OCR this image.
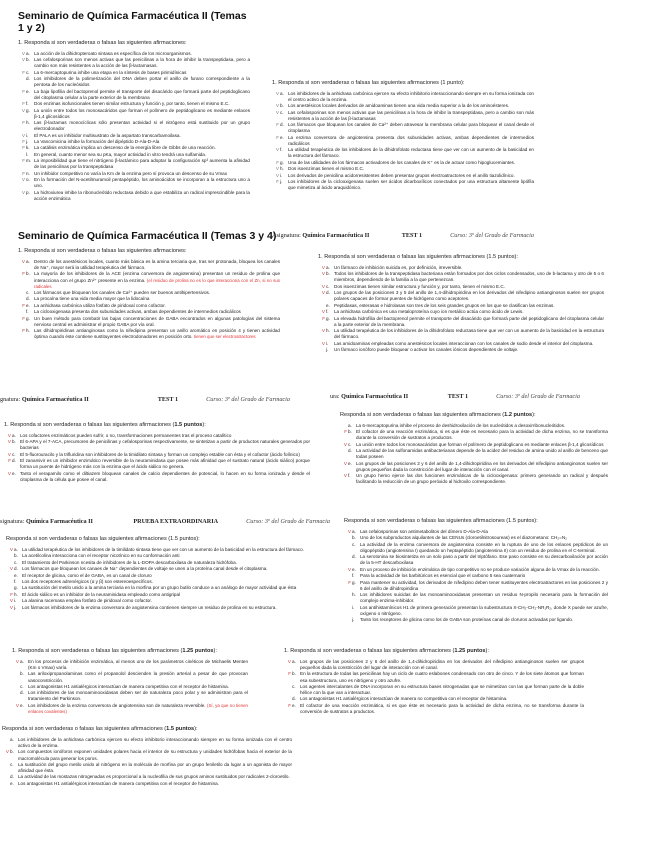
Seminario de Química Farmacéutica II (Temas 1 y 2)
1. Responda si son verdaderas o falsas las siguientes afirmaciones:
V a. La acción de la dihidropteroato sintasa es específica de los microorganismos.
V b. Las cefalosporinas son menos activas que las penicilinas a la hora de inhibir la transpeptidasa, pero a cambio son más resistentes a la acción de las β-lactamasas.
F c. La 6-mercaptopurina inhibe una etapa en la síntesis de bases pirimidínicas
d. Los inhibidores de la polimerización del DNA deben portar el anillo de furano correspondiente a la pentosa de los nucleósidos
F e. La baja lipofilia del bactoprenol permite el transporte del disacárido que formará parte del peptidoglicano del citoplasma celular a la parte exterior de la membrana
F f.	Dos enzimas isofuncionales tienen similar estructura y función y, por tanto, tienen el mismo E.C.
V g. La unión entre todos los monosacáridos que forman el polímero de peptidoglicano es mediante enlaces β-1,4 glicosídicos
F h. Las β-lactamas monocíclicas sólo presentan actividad si el nitrógeno está sustituido por un grupo electrodonador
V i.	El PALA es un inhibidor multisustrato de la aspartato transcarbamoilasa.
F j.	La Vancomicina inhibe la formación del dipéptido D-Ala-D-Ala
F k. La catálisis enzimática implica un descenso de la energía libre de Gibbs de una reacción.
l.	En general, cuanto menor sea su pKa, mayor actividad in vitro tendrá una sulfamida.
F m. La imposibilidad que tiene el nitrógeno β-lactámico para adoptar la configuración sp³ aumenta la afinidad de las penicilinas por la transpeptidasa
F n. Un inhibidor competitivo no varía la Km de la enzima pero sí provoca un descenso de su Vmax
V o. En la formación del N-acetilmuramoil pentapéptido, los aminoácidos se incorporan a la estructura uno a uno.
V p. La hidroxiurea inhibe la ribonucleótido reductasa debido a que estabiliza un radical imprescindible para la acción enzimática
1. Responda si son verdaderas o falsas las siguientes afirmaciones (1 punto):
V a. Los inhibidores de la anhidrasa carbónica ejercen su efecto inhibitorio interaccionando siempre en su forma ionizada con el centro activo de la enzima.
V b. Los anestésicos locales derivados de amidoaminas tienen una vida media superior a la de los aminoésteres.
V c. Las cefalosporinas son menos activas que las penicilinas a la hora de inhibir la transpeptidasa, pero a cambio son más resistentes a la acción de las β-lactamasas
F d. Los fármacos que bloquean los canales de Ca²⁺ deben atravesar la membrana celular para bloquear el canal desde el citoplasma
F e. La enzima conversora de angiotensina presenta dos subunidades activas, ambas dependientes de intermedios radicálicos
V f.	La utilidad terapéutica de los inhibidores de la dihidrofolato reductasa tiene que ver con un aumento de la basicidad en la estructura del fármaco.
F g. Una de las utilidades de los fármacos activadores de los canales de K⁺ es la de actuar como hipoglucemiantes.
V h. Dos isoenzimas tienen el mismo E.C.
V i.	Los derivados de penicilina acidorresistentes deben presentar grupos electroatractores en el anillo tiazolidínico.
F j.	Los inhibidores de la ciclooxigenasa suelen ser ácidos dicarboxílicos conectados por una estructura altamente lipófila que mimetiza al ácido araquidónico.
Asignatura: Química Farmacéutica II	TEST 1	Curso: 3º del Grado de Farmacia
Seminario de Química Farmacéutica II (Temas 3 y 4)
1. Responda si son verdaderas o falsas las siguientes afirmaciones:
V a. Dentro de los anestésicos locales, cuanto más básica es la amina terciaria que, tras ser protonada, bloquea los canales de Na⁺, mayor será la utilidad terapéutica del fármaco.
F b. La mayoría de los inhibidores de la ACE (enzima conversora de angiotensina) presentan un residuo de prolina que interacciona con el grupo Zn²⁺ presente en la enzima. (el residuo de prolina no es lo que interacciona con el Zn, si no sus radicales
c. Los fármacos que bloquean los canales de Ca²⁺ pueden ser buenos antihipertensivos.
d. La procaína tiene una vida media mayor que la lidocaína
F e. La anhidrasa carbónica utiliza fosfato de piridoxal como cofactor.
f.	La ciclooxigenasa presenta dos subunidades activas, ambas dependientes de intermedios radicálicos
F g. Un buen método para combatir las bajas concentraciones de GABA encontrados en algunas patologías del sistema nervioso central es administrar el propio GABA por vía oral.
F h. Las dihidropiridinas antianginosas como la nifedipina presentan un anillo aromático en posición 4 y tienen actividad óptima cuando éste contiene sustituyentes electrodonadores en posición orto. tienen que ser electroatractores
1. Responda si son verdaderas o falsas las siguientes afirmaciones (1.5 puntos):
V a. Un fármaco de inhibición suicida es, por definición, irreversible.
V b. Todos los inhibidores de la transpeptidasa bacteriana están formados por dos ciclos condensados, uno de b-lactama y otro de 5 o 6 miembros, dependiendo de la familia a la que pertenezcan.
V c. Dos isoenzimas tienen similar estructura y función y, por tanto, tienen el mismo E.C.
V d. Los grupos de las posiciones 3 y 5 del anillo de 1,4-dihidropiridina en los derivados del nifedipino antianginosos suelen ser grupos polares capaces de formar puentes de hidrógeno como aceptores.
e. Peptidasas, esterasas e hidrolasas son tres de los seis grandes grupos en los que se clasifican las enzimas.
V f.	La anhidrasa carbónica es una metaloproteína cuyo ion metálico actúa como ácido de Lewis.
F g. La elevada hidrofilia del bactoprenol permite el transporte del disacárido que formará parte del peptidoglicano del citoplasma celular a la parte exterior de la membrana.
V h. La utilidad terapéutica de los inhibidores de la dihidrofolato reductasa tiene que ver con un aumento de la basicidad en la estructura del fármaco.
V i.	Las amidoaminas empleadas como anestésicos locales interaccionan con los canales de sodio desde el interior del citoplasma.
j.	Un fármaco ionóforo puede bloquear o activar los canales iónicos dependientes de voltaje.
gnatura: Química Farmacéutica II	TEST 1	Curso: 3º del Grado de Farmacia	ura: Química Farmacéutica II	TEST 1	Curso: 3º del Grado de Farmacia
1. Responda si son verdaderas o falsas las siguientes afirmaciones (1.5 puntos):
V a. Los cofactores enzimáticos pueden sufrir, o no, transformaciones permanentes tras el proceso catalítico
V b. El 6-APA y el 7-ACA, precursores de penicilinas y cefalosporinas respectivamente, se sintetizan a partir de productos naturales generados por bacterias
V c. El 5-fluorouracilo y la trifluridina son inhibidores de la timidilato sintasa y forman un complejo estable con ésta y el cofactor (ácido folínico)
F d. El zanamivir es un inhibidor enzimático reversible de la neuraminidasa que posee más afinidad que el sustrato natural (ácido siálico) porque forma un puente de hidrógeno más con la enzima que el ácido siálico no genera.
V e. Tanto el verapamilo como el diltiazem bloquean canales de calcio dependientes de potencial, lo hacen en su forma ionizada y desde el citoplasma de la célula que posee el canal.
Responda si son verdaderas o falsas las siguientes afirmaciones (1.2 puntos):
a. La 6-mercaptopurina inhibe el proceso de deshidroxilación de los nucleótidos a desoxirribonucleótidos.
F b. El cofactor de una reacción enzimática, si es que éste es necesario para la actividad de dicha enzima, no se transforma durante la conversión de sustratos a productos.
V c. La unión entre todos los monosacáridos que forman el polímero de peptidoglicano es mediante enlaces β-1,4 glicosídicos
d. La actividad de las sulfonamidas antibacterianas depende de la acidez del residuo de amina unido al anillo de benceno que todas poseen
V e. Los grupos de las posiciones 2 y 6 del anillo de 1,4-dihidropiridina en los derivados del nifedipino antianginosos suelen ser grupos pequeños dada la constricción del lugar de interacción con el canal.
V f.	Un grupo hemo ejerce las dos funciones enzimáticas de la ciclooxigenasa: primero generando un radical y después facilitando la reducción de un grupo peróxido al hidroxilo correspondiente.
signatura: Química Farmacéutica II	PRUEBA EXTRAORDINARIA	Curso: 3º del Grado de Farmacia
Responda si son verdaderas o falsas las siguientes afirmaciones (1.5 puntos):
V a. La utilidad terapéutica de los inhibidores de la timilidato sintasa tiene que ver con un aumento de la basicidad en la estructura del fármaco.
b. La acetilcolina interacciona con el receptor nicotínico en su conformación anti
c. El tratamiento del Parkinson ncesita de inhibidores de la L-DOPA descarboxilasa de naturaleza hidrófoba.
V d. Los fármacos que bloquean los canaes de Na⁺ dependientes de voltaje se unen a la proteína canal desde el citoplasma.
e. El receptor de glicina, como el de GABA, es un canal de cloruro
f.	Los dos receptores adrenérgicos (α y β) son estereoespecíficos.
g. La sustitución del metilo unido a la amina terciaria en la morfina por un grupo butilo conduce a un análogo de mayor actividad que ésta
F h. El ácido siálico es un inhibidor de la neuraminidasa empleado como antigripal
V i.	La alanina racemasa emplea fosfato de piridoxal como cofactor.
V j.	Los fármacos inhibidores de la enzima conversora de angiotensina contienen siempre un residuo de prolina en su estructura.
Responda si son verdaderas o falsas las siguientes afirmaciones (1.5 puntos):
V a. Las cefalosporinas son antimetabolitos del dímero D-Ala-D-Ala
b. Uno de los subproductos alquilantes de las CENUs (cloroetilnitrosoureas) es el diazometano: CH₂=N₂
c. La actividad de la enzima conversora de angiotensina consiste en la ruptura de uno de los enlaces peptídicos de un oligopéptido (angiotensina I) quedando un heptapéptido (angiotensina II) con un residuo de prolina en el C-terminal.
d. La serotonina se biosintetiza en un solo paso a partir del triptófano. Ese paso consiste en su descarboxilación por acción de la 5-HT descarboxilasa
V e. En un proceso de inhibición enzimática de tipo competitivo no se produce variación alguna de la Vmax de la reacción.
f.	Para la actividad de los barbitúricos es esencial que el carbono 5 sea cuaternario
F g. Para mantener su actividad, los derivados de nifedipino deben tener sustituyentes electroatractores en las posiciones 2 y 6 del anillo de dihidropiridina
h. Los inhibidores suicidas de las monoaminooxidasas presentan un residuo N-propilo necesario para la formación del complejo enzima-inhibidor.
i.	Los antihistamínicos H1 de primera generación presentan la subestructura X-CH₂-CH₂-NR₁R₂, donde X puede ser azufre, oxígeno o nitrógeno.
j.	Tanto los receptores de glicina como los de GABA son proteínas canal de cloruros activadas por ligando.
1. Responda si son verdaderas o falsas las siguientes afirmaciones (1.25 puntos):
V a. En los procesos de inhibición enzimática, al menos uno de los parámetros cinéticos de Michaelis Menten (Km o Vmax) varía.
b. Las ariloxipropanolaminas como el propanolol descienden la presión arterial a pesar de que provocan vasoconstricción.
c. Los antagonistas H1 antialérgicos interactúan de manera competitiva con el receptor de histamina.
d. Los inhibidores de las monoaminooxidasas deben ser de naturaleza poco polar y se administran para el tratamiento del Parkinson.
V e. Los inhibidores de la enzima conversora de angiotensina son de naturaleza reversible. (Sí, ya que no tienen enlaces covalentes)
1. Responda si son verdaderas o falsas las siguientes afirmaciones (1.25 puntos):
V a. Los grupos de las posiciones 2 y 6 del anillo de 1,4-dihidropiridina en los derivados del nifedipino antianginosos suelen ser grupos pequeños dada la constricción del lugar de interacción con el canal.
F b. En la estructura de todas las penicilinas hay un ciclo de cuatro eslabones condensado con otro de cinco. Y de los siete átomos que forman esa subestructura, uno es nitrógeno y otro azufre.
c. Los agentes intercalantes de DNA incorporan en su estructura bases nitrogenadas que se mimetizan con las que forman parte de la doble hélice con la que van a interactuar.
d. Los antagonistas H1 antialérgicos interactúan de manera no competitiva con el receptor de histamina.
F e. El cofactor de una reacción enzimática, si es que éste es necesario para la actividad de dicha enzima, no se transforma durante la conversión de sustratos a productos.
Responda si son verdaderas o falsas las siguientes afirmaciones (1.5 puntos):
a. Los inhibidores de la anhidrasa carbónica ejercen su efecto inhibitorio interaccionando siempre en su forma ionizada con el centro activo de la enzima.
V b. Los compuestos ionóforos exponen unidades polares hacia el interior de su estructura y unidades hidrófobas hacia el exterior de la macromolécula para generar los poros.
c. La sustitución del grupo metilo unido al nitrógeno en la molécula de morfina por un grupo feniletilo da lugar a un agonista de mayor afinidad que ésta.
d. La actividad de las mostazas nitrogenadas es proporcional a la nucleofilia de sus grupos aminos sustituidos por radicales 2-cloroetilo.
e. Los antagonistas H1 antialérgicos interactúan de manera competitiva con el receptor de histamina.
